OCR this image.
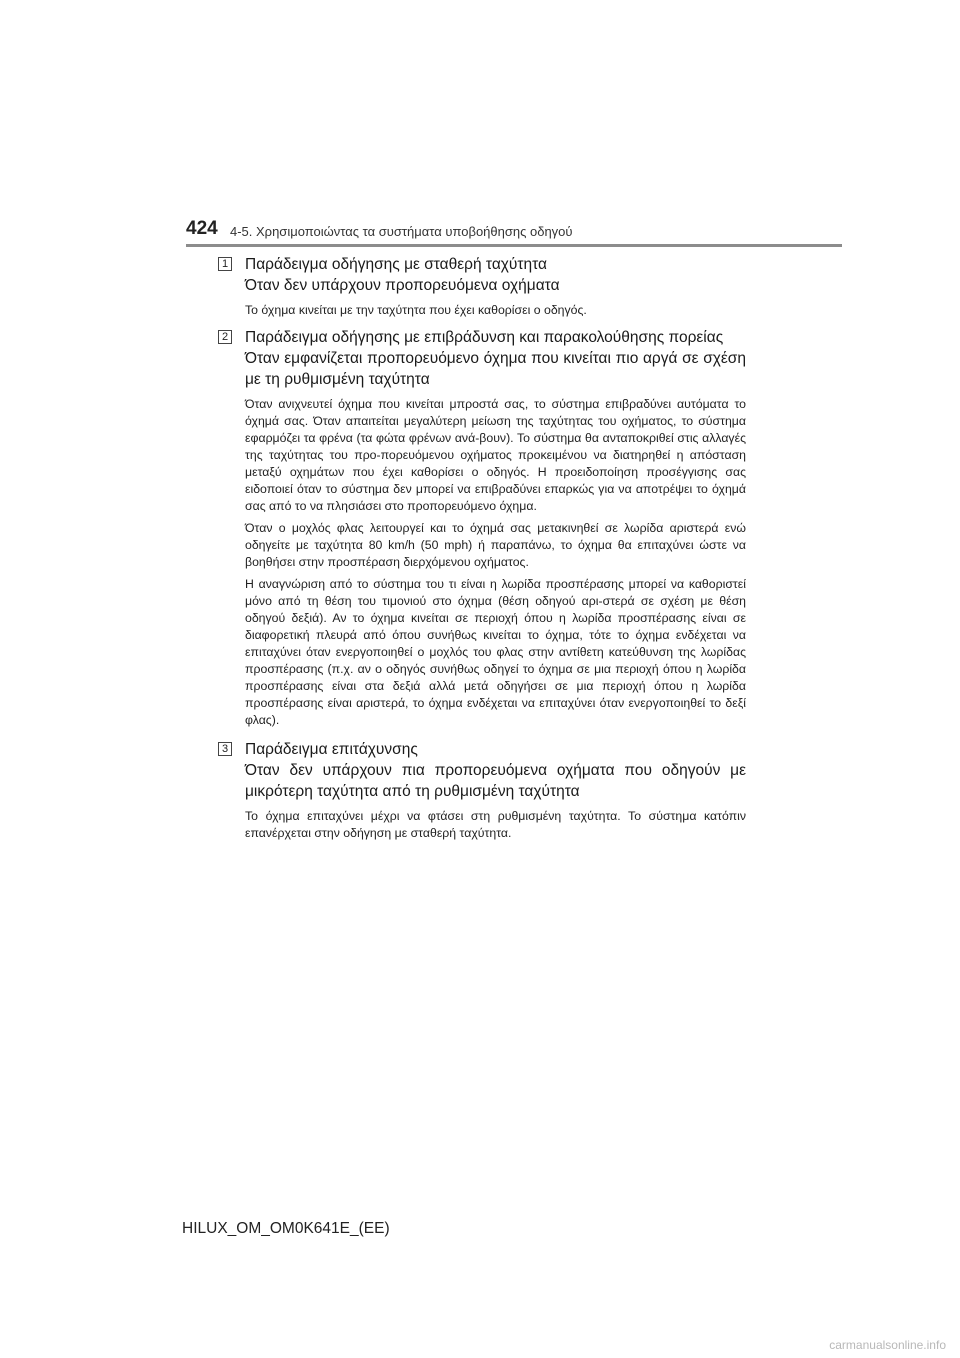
424 4-5. Χρησιμοποιώντας τα συστήματα υποβοήθησης οδηγού
1 Παράδειγμα οδήγησης με σταθερή ταχύτητα
Όταν δεν υπάρχουν προπορευόμενα οχήματα
Το όχημα κινείται με την ταχύτητα που έχει καθορίσει ο οδηγός.
2 Παράδειγμα οδήγησης με επιβράδυνση και παρακολούθησης πορείας
Όταν εμφανίζεται προπορευόμενο όχημα που κινείται πιο αργά σε σχέση με τη ρυθμισμένη ταχύτητα
Όταν ανιχνευτεί όχημα που κινείται μπροστά σας, το σύστημα επιβραδύνει αυτόματα το όχημά σας. Όταν απαιτείται μεγαλύτερη μείωση της ταχύτητας του οχήματος, το σύστημα εφαρμόζει τα φρένα (τα φώτα φρένων ανά-βουν). Το σύστημα θα ανταποκριθεί στις αλλαγές της ταχύτητας του προ-πορευόμενου οχήματος προκειμένου να διατηρηθεί η απόσταση μεταξύ οχημάτων που έχει καθορίσει ο οδηγός. Η προειδοποίηση προσέγγισης σας ειδοποιεί όταν το σύστημα δεν μπορεί να επιβραδύνει επαρκώς για να αποτρέψει το όχημά σας από το να πλησιάσει στο προπορευόμενο όχημα.
Όταν ο μοχλός φλας λειτουργεί και το όχημά σας μετακινηθεί σε λωρίδα αριστερά ενώ οδηγείτε με ταχύτητα 80 km/h (50 mph) ή παραπάνω, το όχημα θα επιταχύνει ώστε να βοηθήσει στην προσπέραση διερχόμενου οχήματος.
Η αναγνώριση από το σύστημα του τι είναι η λωρίδα προσπέρασης μπορεί να καθοριστεί μόνο από τη θέση του τιμονιού στο όχημα (θέση οδηγού αρι-στερά σε σχέση με θέση οδηγού δεξιά). Αν το όχημα κινείται σε περιοχή όπου η λωρίδα προσπέρασης είναι σε διαφορετική πλευρά από όπου συνήθως κινείται το όχημα, τότε το όχημα ενδέχεται να επιταχύνει όταν ενεργοποιηθεί ο μοχλός του φλας στην αντίθετη κατεύθυνση της λωρίδας προσπέρασης (π.χ. αν ο οδηγός συνήθως οδηγεί το όχημα σε μια περιοχή όπου η λωρίδα προσπέρασης είναι στα δεξιά αλλά μετά οδηγήσει σε μια περιοχή όπου η λωρίδα προσπέρασης είναι αριστερά, το όχημα ενδέχεται να επιταχύνει όταν ενεργοποιηθεί το δεξί φλας).
3 Παράδειγμα επιτάχυνσης
Όταν δεν υπάρχουν πια προπορευόμενα οχήματα που οδηγούν με μικρότερη ταχύτητα από τη ρυθμισμένη ταχύτητα
Το όχημα επιταχύνει μέχρι να φτάσει στη ρυθμισμένη ταχύτητα. Το σύστημα κατόπιν επανέρχεται στην οδήγηση με σταθερή ταχύτητα.
HILUX_OM_OM0K641E_(EE)
carmanualsonline.info
